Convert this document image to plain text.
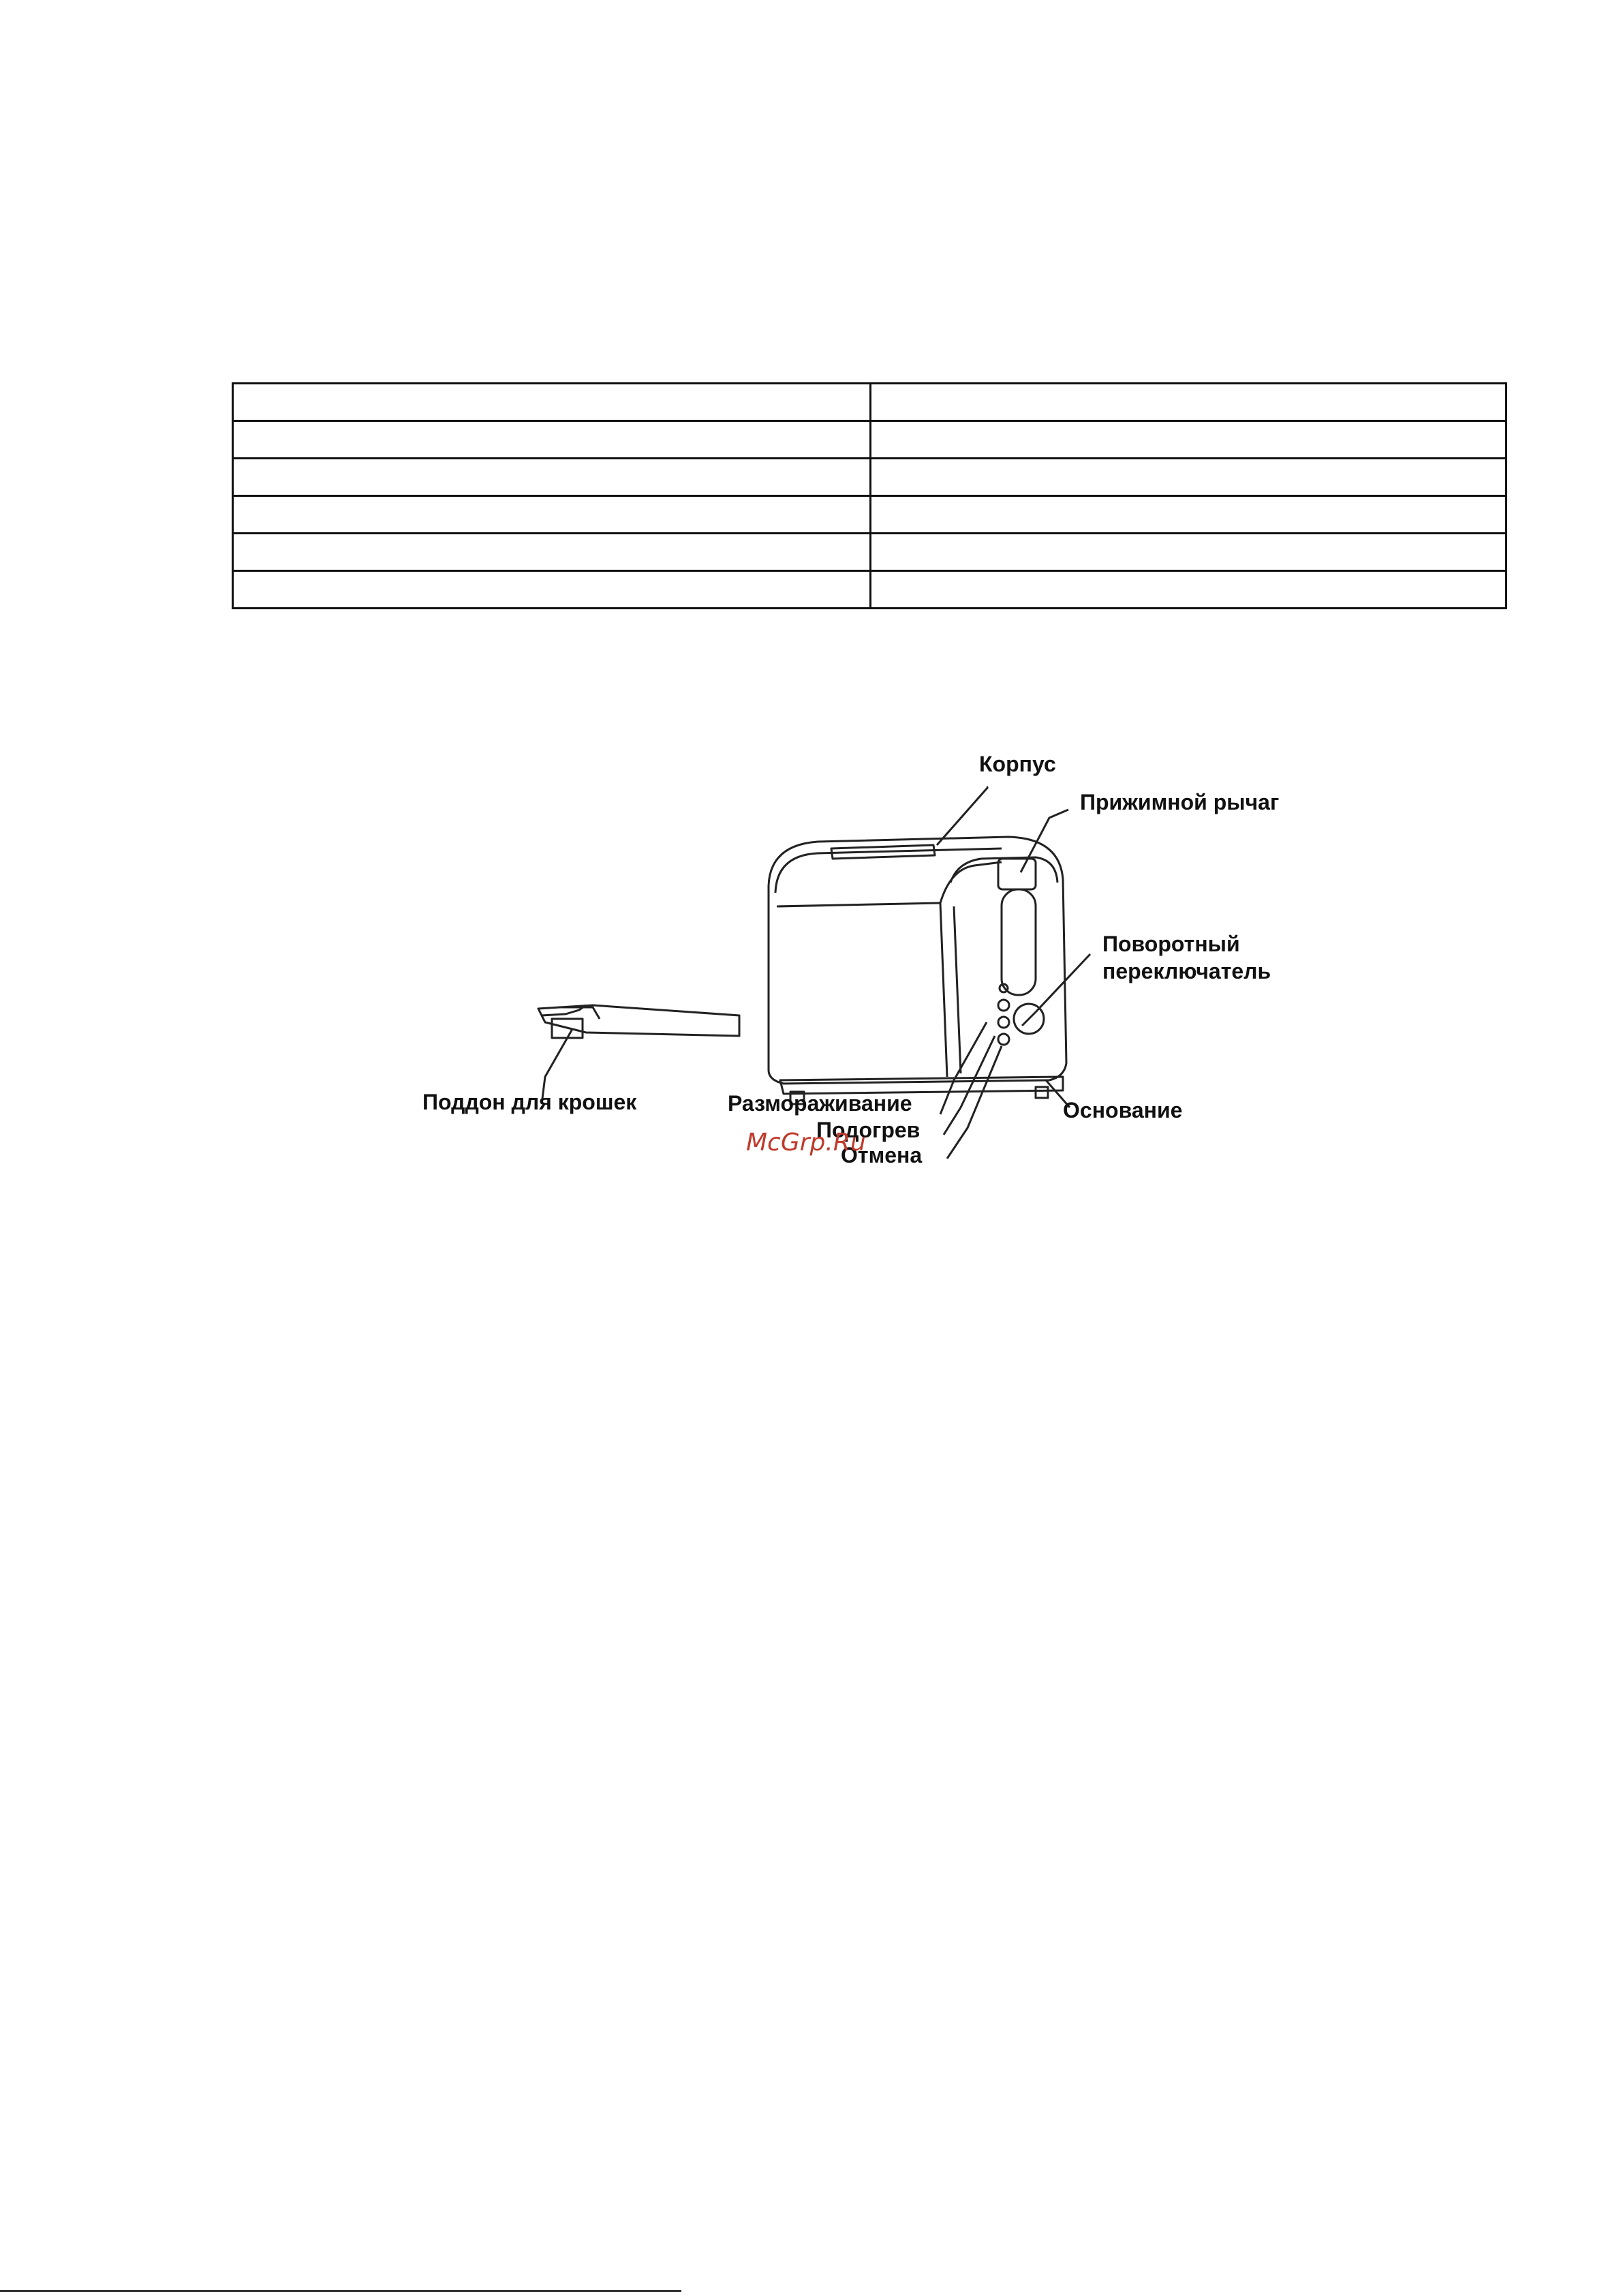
Корпус
Прижимной рычаг
Поворотный
переключатель
Поддон для крошек	Размораживание
Подогрев
Отмена
Основание
McGrp.Ru
